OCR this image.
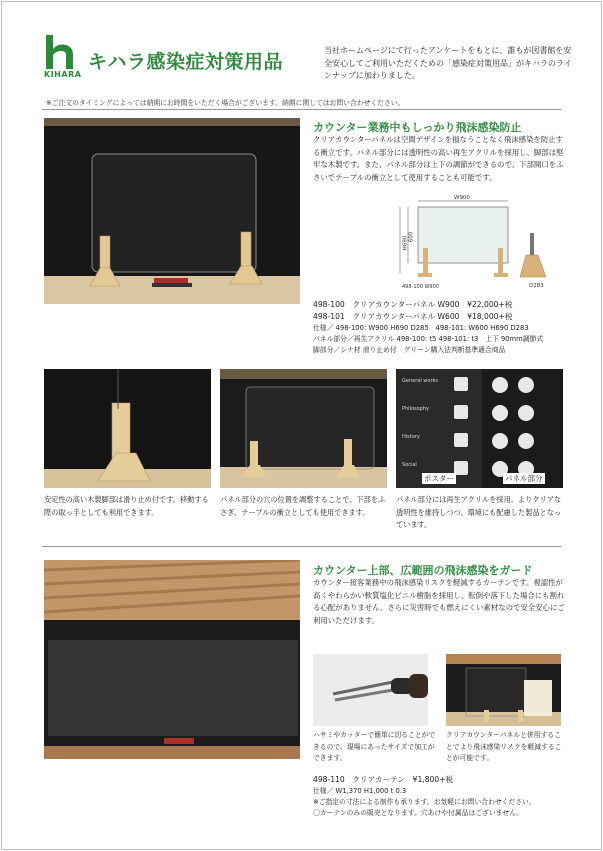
KIHARA
キハラ感染症対策用品
当社ホームページにて行ったアンケートをもとに、誰もが図書館を安全安心してご利用いただくための「感染症対策用品」がキハラのラインナップに加わりました。
※ご注文のタイミングによっては納期にお時間をいただく場合がございます。納期に関してはお問い合わせください。
カウンター業務中もしっかり飛沫感染防止
クリアカウンターパネルは空間デザインを損なうことなく飛沫感染を防止する衝立です。パネル部分には透明性の高い再生アクリルを採用し、脚部は堅牢な木製です。また、パネル部分は上下の調節ができるので、下部開口をふさいでテーブルの衝立として使用することも可能です。
W900
H690 600
D283
498-100 W900
498-100　 クリアカウンターパネル W900　 ¥22,000+税
498-101　 クリアカウンターパネル W600　 ¥18,000+税
仕様／ 498-100: W900 H690 D285　498-101: W600 H690 D283
パネル部分／再生アクリル 498-100: t5 498-101: t3　上下 90mm調節式
脚部分／シナ材 滑り止め付　グリーン購入法判断基準適合商品
General works
Philosophy
History
Social
ポスター	パネル部分
安定性の高い木製脚部は滑り止め付です。移動する際の取っ手としても利用できます。
パネル部分の穴の位置を調整することで、下部をふさぎ、テーブルの衝立としても使用できます。
パネル部分には再生アクリルを採用。よりクリアな透明性を維持しつつ、環境にも配慮した製品となっています。
カウンター上部、広範囲の飛沫感染をガード
カウンター接客業務中の飛沫感染リスクを軽減するカーテンです。視認性が高くやわらかい軟質塩化ビニル樹脂を採用し、転倒や落下した場合にも割れる心配がありません。さらに災害時でも燃えにくい素材なので安全安心にご利用いただけます。
ハサミやカッターで簡単に切ることができるので、現場にあったサイズで加工ができます。
クリアカウンターパネルと併用することでより飛沫感染リスクを軽減することが可能です。
498-110　 クリアカーテン　 ¥1,800+税
仕様／ W1,370 H1,000 t 0.3
※ご指定の寸法による制作も承ります。お気軽にお問い合わせください。
〇カーテンのみの販売となります。穴あけや付属品はございません。
